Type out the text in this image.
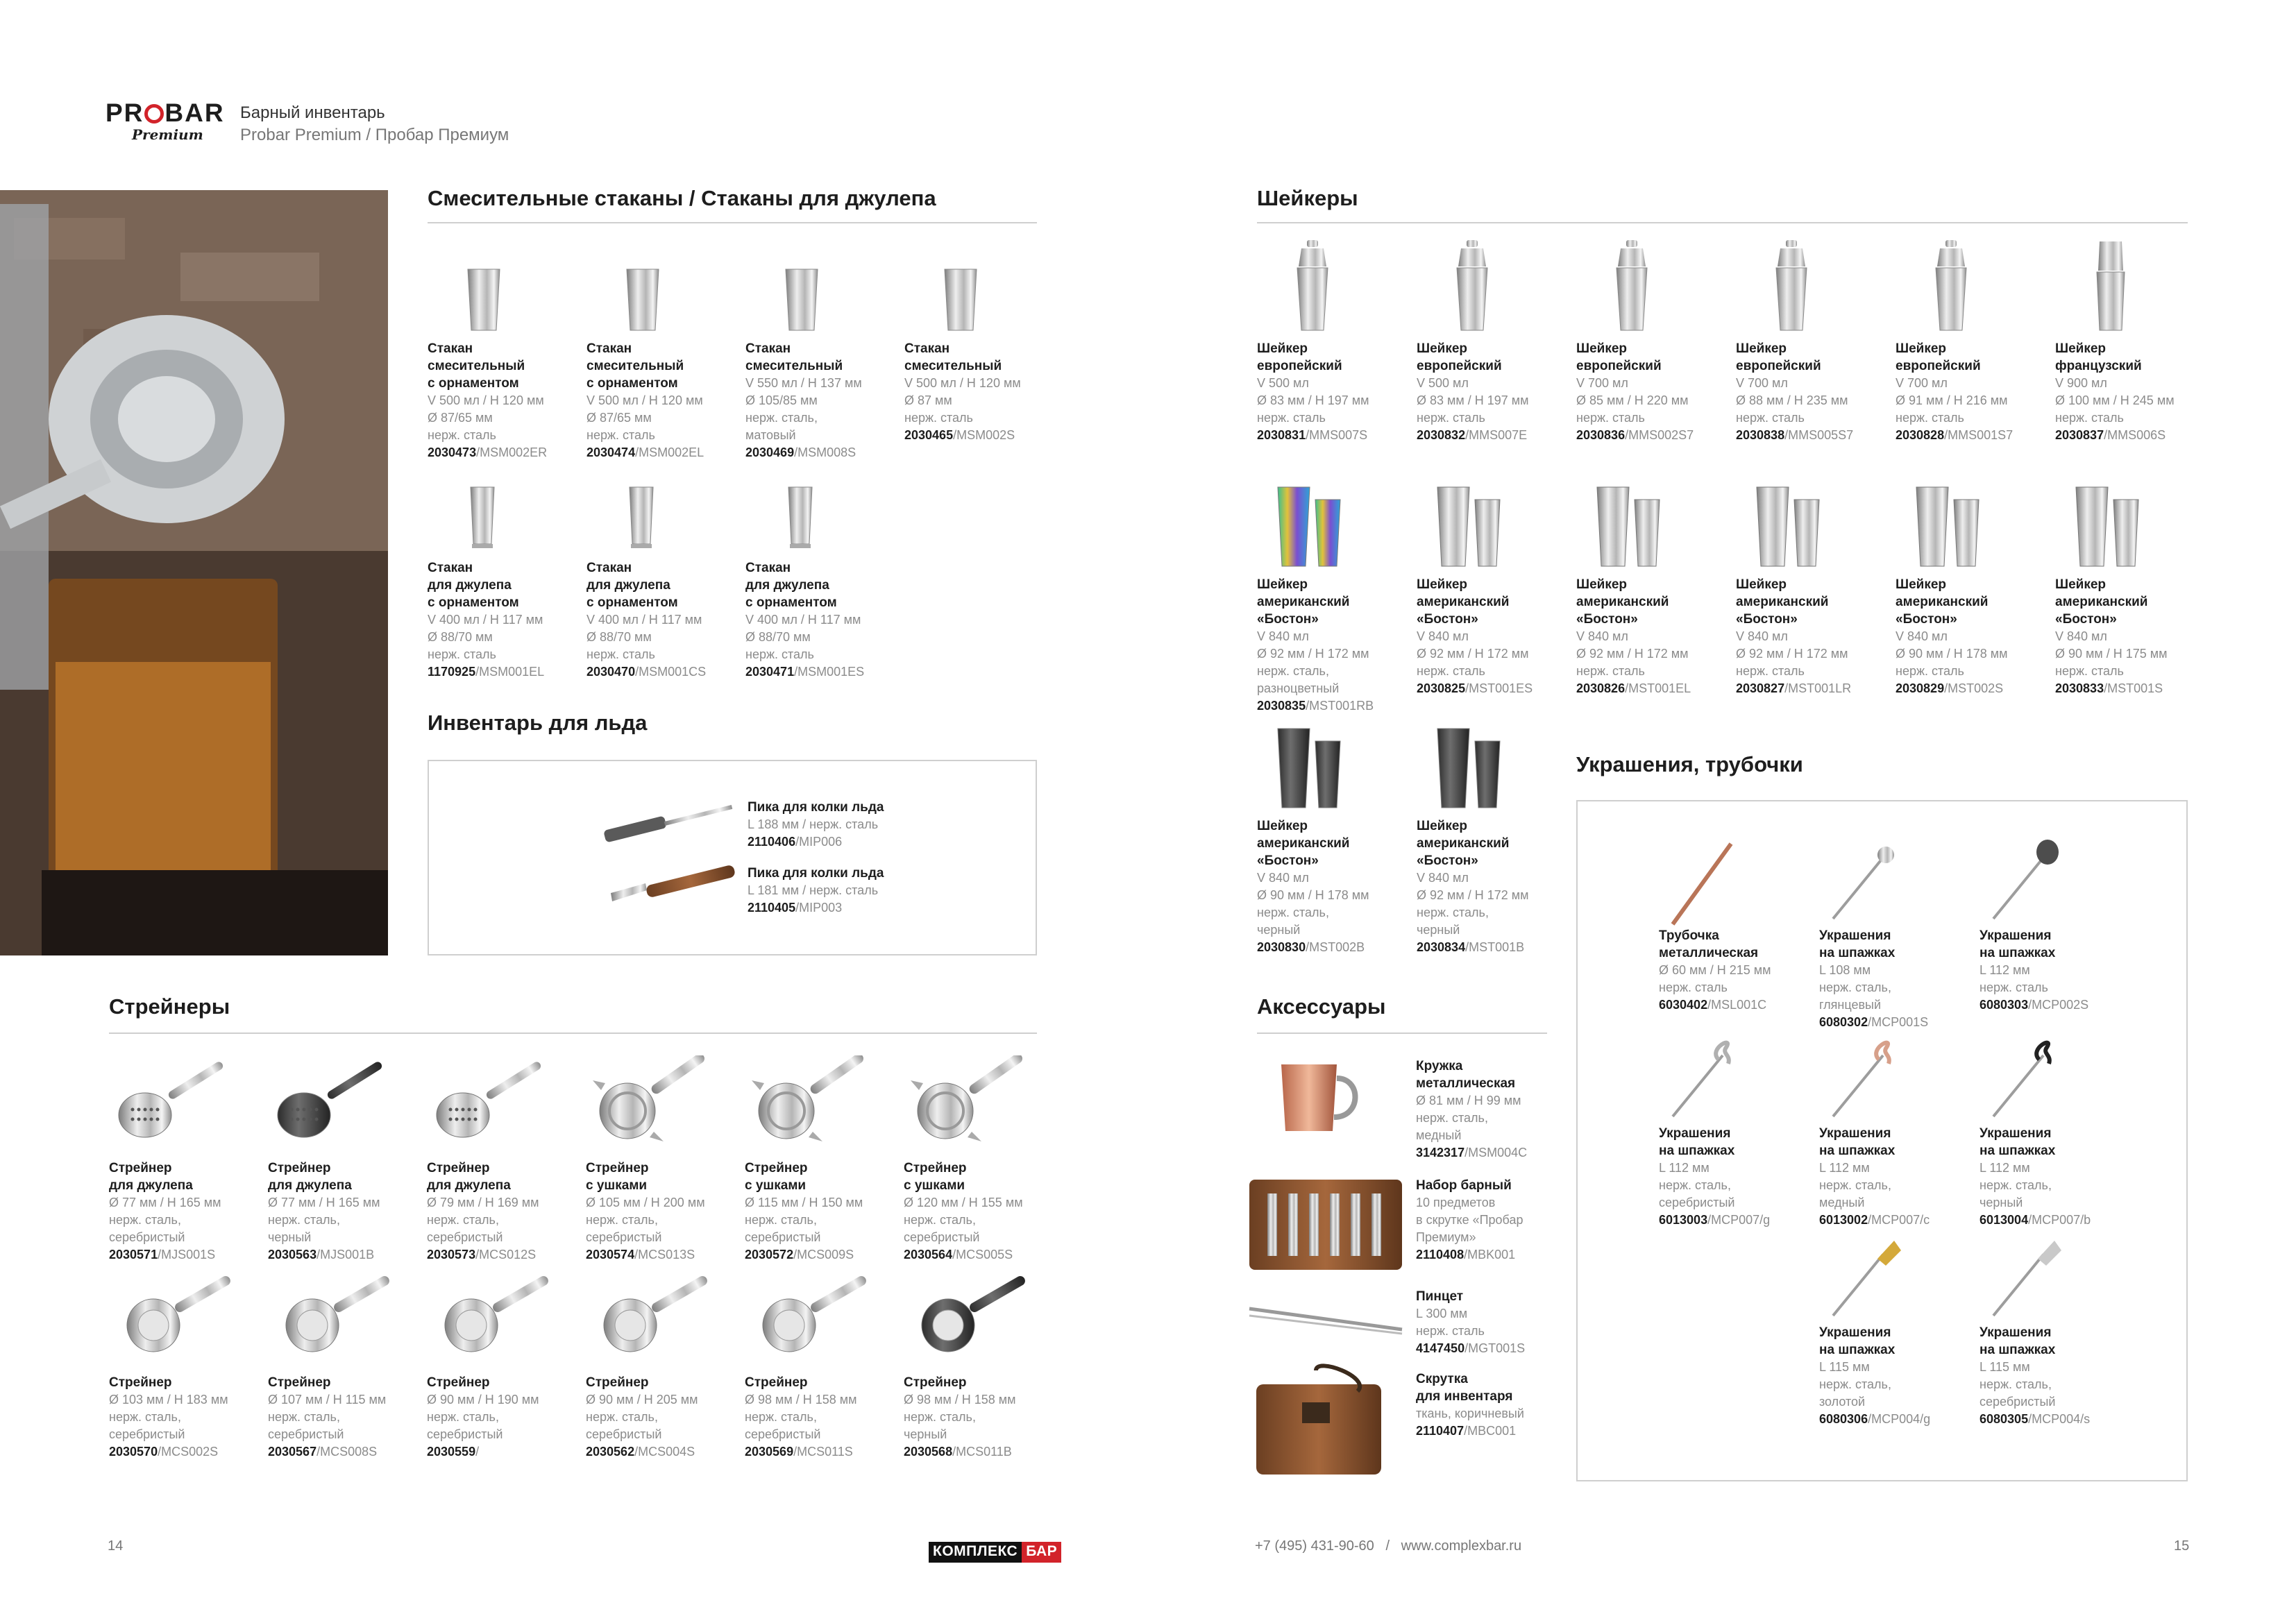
PR BAR
Premium
Барный инвентарь
Probar Premium / Пробар Премиум
Смесительные стаканы / Стаканы для джулепа
Стакан
смесительный
с орнаментом
V 500 мл / H 120 мм
Ø 87/65 мм
нерж. сталь
2030473/MSM002ER
Стакан
смесительный
с орнаментом
V 500 мл / H 120 мм
Ø 87/65 мм
нерж. сталь
2030474/MSM002EL
Стакан
смесительный
V 550 мл / H 137 мм
Ø 105/85 мм
нерж. сталь,
матовый
2030469/MSM008S
Стакан
смесительный
V 500 мл / H 120 мм
Ø 87 мм
нерж. сталь
2030465/MSM002S
Стакан
для джулепа
с орнаментом
V 400 мл / H 117 мм
Ø 88/70 мм
нерж. сталь
1170925/MSM001EL
Стакан
для джулепа
с орнаментом
V 400 мл / H 117 мм
Ø 88/70 мм
нерж. сталь
2030470/MSM001CS
Стакан
для джулепа
с орнаментом
V 400 мл / H 117 мм
Ø 88/70 мм
нерж. сталь
2030471/MSM001ES
Инвентарь для льда
Пика для колки льда
L 188 мм / нерж. сталь
2110406/MIP006
Пика для колки льда
L 181 мм / нерж. сталь
2110405/MIP003
Стрейнеры
Стрейнер
для джулепа
Ø 77 мм / H 165 мм
нерж. сталь,
серебристый
2030571/MJS001S
Стрейнер
для джулепа
Ø 77 мм / H 165 мм
нерж. сталь,
черный
2030563/MJS001B
Стрейнер
для джулепа
Ø 79 мм / H 169 мм
нерж. сталь,
серебристый
2030573/MCS012S
Стрейнер
с ушками
Ø 105 мм / H 200 мм
нерж. сталь,
серебристый
2030574/MCS013S
Стрейнер
с ушками
Ø 115 мм / H 150 мм
нерж. сталь,
серебристый
2030572/MCS009S
Стрейнер
с ушками
Ø 120 мм / H 155 мм
нерж. сталь,
серебристый
2030564/MCS005S
Стрейнер
Ø 103 мм / H 183 мм
нерж. сталь,
серебристый
2030570/MCS002S
Стрейнер
Ø 107 мм / H 115 мм
нерж. сталь,
серебристый
2030567/MCS008S
Стрейнер
Ø 90 мм / H 190 мм
нерж. сталь,
серебристый
2030559/
Стрейнер
Ø 90 мм / H 205 мм
нерж. сталь,
серебристый
2030562/MCS004S
Стрейнер
Ø 98 мм / H 158 мм
нерж. сталь,
серебристый
2030569/MCS011S
Стрейнер
Ø 98 мм / H 158 мм
нерж. сталь,
черный
2030568/MCS011B
Шейкеры
Шейкер
европейский
V 500 мл
Ø 83 мм / H 197 мм
нерж. сталь
2030831/MMS007S
Шейкер
европейский
V 500 мл
Ø 83 мм / H 197 мм
нерж. сталь
2030832/MMS007E
Шейкер
европейский
V 700 мл
Ø 85 мм / H 220 мм
нерж. сталь
2030836/MMS002S7
Шейкер
европейский
V 700 мл
Ø 88 мм / H 235 мм
нерж. сталь
2030838/MMS005S7
Шейкер
европейский
V 700 мл
Ø 91 мм / H 216 мм
нерж. сталь
2030828/MMS001S7
Шейкер
французский
V 900 мл
Ø 100 мм / H 245 мм
нерж. сталь
2030837/MMS006S
Шейкер
американский
«Бостон»
V 840 мл
Ø 92 мм / H 172 мм
нерж. сталь,
разноцветный
2030835/MST001RB
Шейкер
американский
«Бостон»
V 840 мл
Ø 92 мм / H 172 мм
нерж. сталь
2030825/MST001ES
Шейкер
американский
«Бостон»
V 840 мл
Ø 92 мм / H 172 мм
нерж. сталь
2030826/MST001EL
Шейкер
американский
«Бостон»
V 840 мл
Ø 92 мм / H 172 мм
нерж. сталь
2030827/MST001LR
Шейкер
американский
«Бостон»
V 840 мл
Ø 90 мм / H 178 мм
нерж. сталь
2030829/MST002S
Шейкер
американский
«Бостон»
V 840 мл
Ø 90 мм / H 175 мм
нерж. сталь
2030833/MST001S
Шейкер
американский
«Бостон»
V 840 мл
Ø 90 мм / H 178 мм
нерж. сталь,
черный
2030830/MST002B
Шейкер
американский
«Бостон»
V 840 мл
Ø 92 мм / H 172 мм
нерж. сталь,
черный
2030834/MST001B
Украшения, трубочки
Трубочка
металлическая
Ø 60 мм / H 215 мм
нерж. сталь
6030402/MSL001C
Украшения
на шпажках
L 108 мм
нерж. сталь,
глянцевый
6080302/MCP001S
Украшения
на шпажках
L 112 мм
нерж. сталь
6080303/MCP002S
Украшения
на шпажках
L 112 мм
нерж. сталь,
серебристый
6013003/MCP007/g
Украшения
на шпажках
L 112 мм
нерж. сталь,
медный
6013002/MCP007/c
Украшения
на шпажках
L 112 мм
нерж. сталь,
черный
6013004/MCP007/b
Украшения
на шпажках
L 115 мм
нерж. сталь,
золотой
6080306/MCP004/g
Украшения
на шпажках
L 115 мм
нерж. сталь,
серебристый
6080305/MCP004/s
Аксессуары
Кружка
металлическая
Ø 81 мм / H 99 мм
нерж. сталь,
медный
3142317/MSM004C
Набор барный
10 предметов
в скрутке «Пробар
Премиум»
2110408/MBK001
Пинцет
L 300 мм
нерж. сталь
4147450/MGT001S
Скрутка
для инвентаря
ткань, коричневый
2110407/MBC001
14	КОМПЛЕКС БАР	+7 (495) 431-90-60   /   www.complexbar.ru	15
